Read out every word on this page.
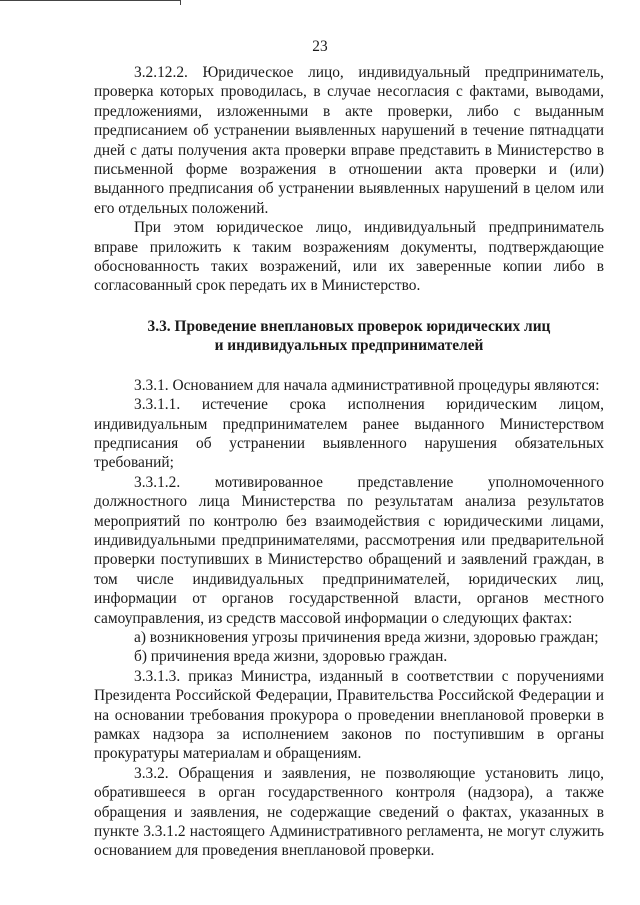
23

3.2.12.2. Юридическое лицо, индивидуальный предприниматель, проверка которых проводилась, в случае несогласия с фактами, выводами, предложениями, изложенными в акте проверки, либо с выданным предписанием об устранении выявленных нарушений в течение пятнадцати дней с даты получения акта проверки вправе представить в Министерство в письменной форме возражения в отношении акта проверки и (или) выданного предписания об устранении выявленных нарушений в целом или его отдельных положений.

При этом юридическое лицо, индивидуальный предприниматель вправе приложить к таким возражениям документы, подтверждающие обоснованность таких возражений, или их заверенные копии либо в согласованный срок передать их в Министерство.

3.3. Проведение внеплановых проверок юридических лиц
и индивидуальных предпринимателей

3.3.1. Основанием для начала административной процедуры являются:

3.3.1.1. истечение срока исполнения юридическим лицом, индивидуальным предпринимателем ранее выданного Министерством предписания об устранении выявленного нарушения обязательных требований;

3.3.1.2. мотивированное представление уполномоченного должностного лица Министерства по результатам анализа результатов мероприятий по контролю без взаимодействия с юридическими лицами, индивидуальными предпринимателями, рассмотрения или предварительной проверки поступивших в Министерство обращений и заявлений граждан, в том числе индивидуальных предпринимателей, юридических лиц, информации от органов государственной власти, органов местного самоуправления, из средств массовой информации о следующих фактах:

а) возникновения угрозы причинения вреда жизни, здоровью граждан;

б) причинения вреда жизни, здоровью граждан.

3.3.1.3. приказ Министра, изданный в соответствии с поручениями Президента Российской Федерации, Правительства Российской Федерации и на основании требования прокурора о проведении внеплановой проверки в рамках надзора за исполнением законов по поступившим в органы прокуратуры материалам и обращениям.

3.3.2. Обращения и заявления, не позволяющие установить лицо, обратившееся в орган государственного контроля (надзора), а также обращения и заявления, не содержащие сведений о фактах, указанных в пункте 3.3.1.2 настоящего Административного регламента, не могут служить основанием для проведения внеплановой проверки.
